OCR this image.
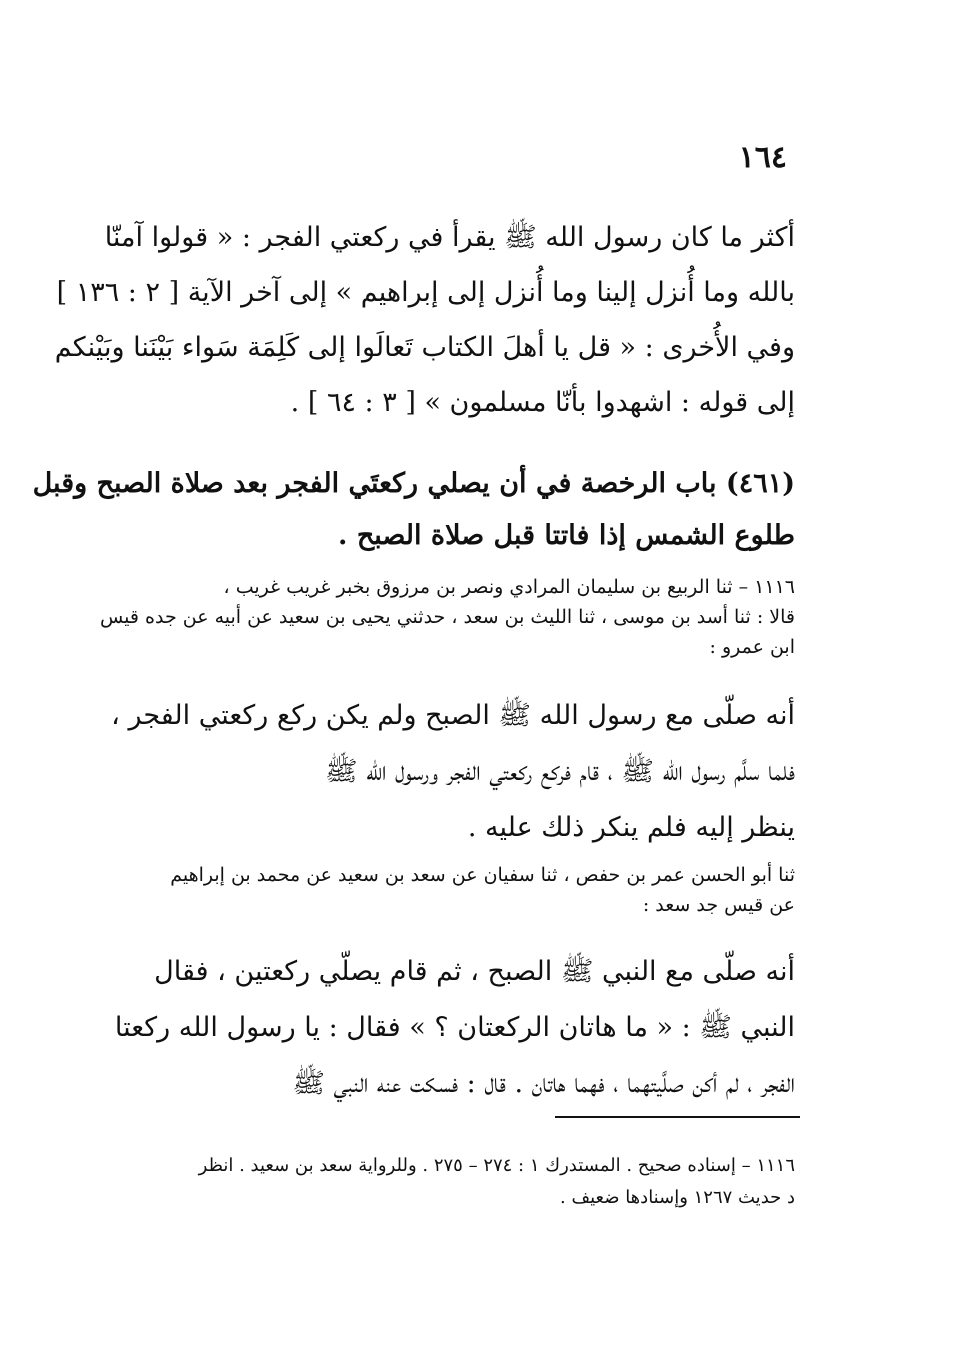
١٦٤
أكثر ما كان رسول الله ﷺ يقرأ في ركعتي الفجر : « قولوا آمنّا
بالله وما أُنزل إلينا وما أُنزل إلى إبراهيم » إلى آخر الآية [ ٢ : ١٣٦ ]
وفي الأُخرى : « قل يا أهلَ الكتاب تَعالَوا إلى كَلِمَة سَواء بَيْنَنا وبَيْنكم
إلى قوله : اشهدوا بأنّا مسلمون » [ ٣ : ٦٤ ] .
(٤٦١) باب الرخصة في أن يصلي ركعتَي الفجر بعد صلاة الصبح وقبل
طلوع الشمس إذا فاتتا قبل صلاة الصبح .
١١١٦ – ثنا الربيع بن سليمان المرادي ونصر بن مرزوق بخبر غريب غريب ،
قالا : ثنا أسد بن موسى ، ثنا الليث بن سعد ، حدثني يحيى بن سعيد عن أبيه عن جده قيس
ابن عمرو :
أنه صلّى مع رسول الله ﷺ الصبح ولم يكن ركع ركعتي الفجر ،
فلما سلَّم رسول الله ﷺ ، قام فركع ركعتي الفجر ورسول الله ﷺ
ينظر إليه فلم ينكر ذلك عليه .
ثنا أبو الحسن عمر بن حفص ، ثنا سفيان عن سعد بن سعيد عن محمد بن إبراهيم
عن قيس جد سعد :
أنه صلّى مع النبي ﷺ الصبح ، ثم قام يصلّي ركعتين ، فقال
النبي ﷺ : « ما هاتان الركعتان ؟ » فقال : يا رسول الله ركعتا
الفجر ، لم أكن صلَّيتهما ، فهما هاتان . قال : فسكت عنه النبي ﷺ
١١١٦ – إسناده صحيح . المستدرك ١ : ٢٧٤ – ٢٧٥ . وللرواية سعد بن سعيد . انظر
د حديث ١٢٦٧ وإسنادها ضعيف .
